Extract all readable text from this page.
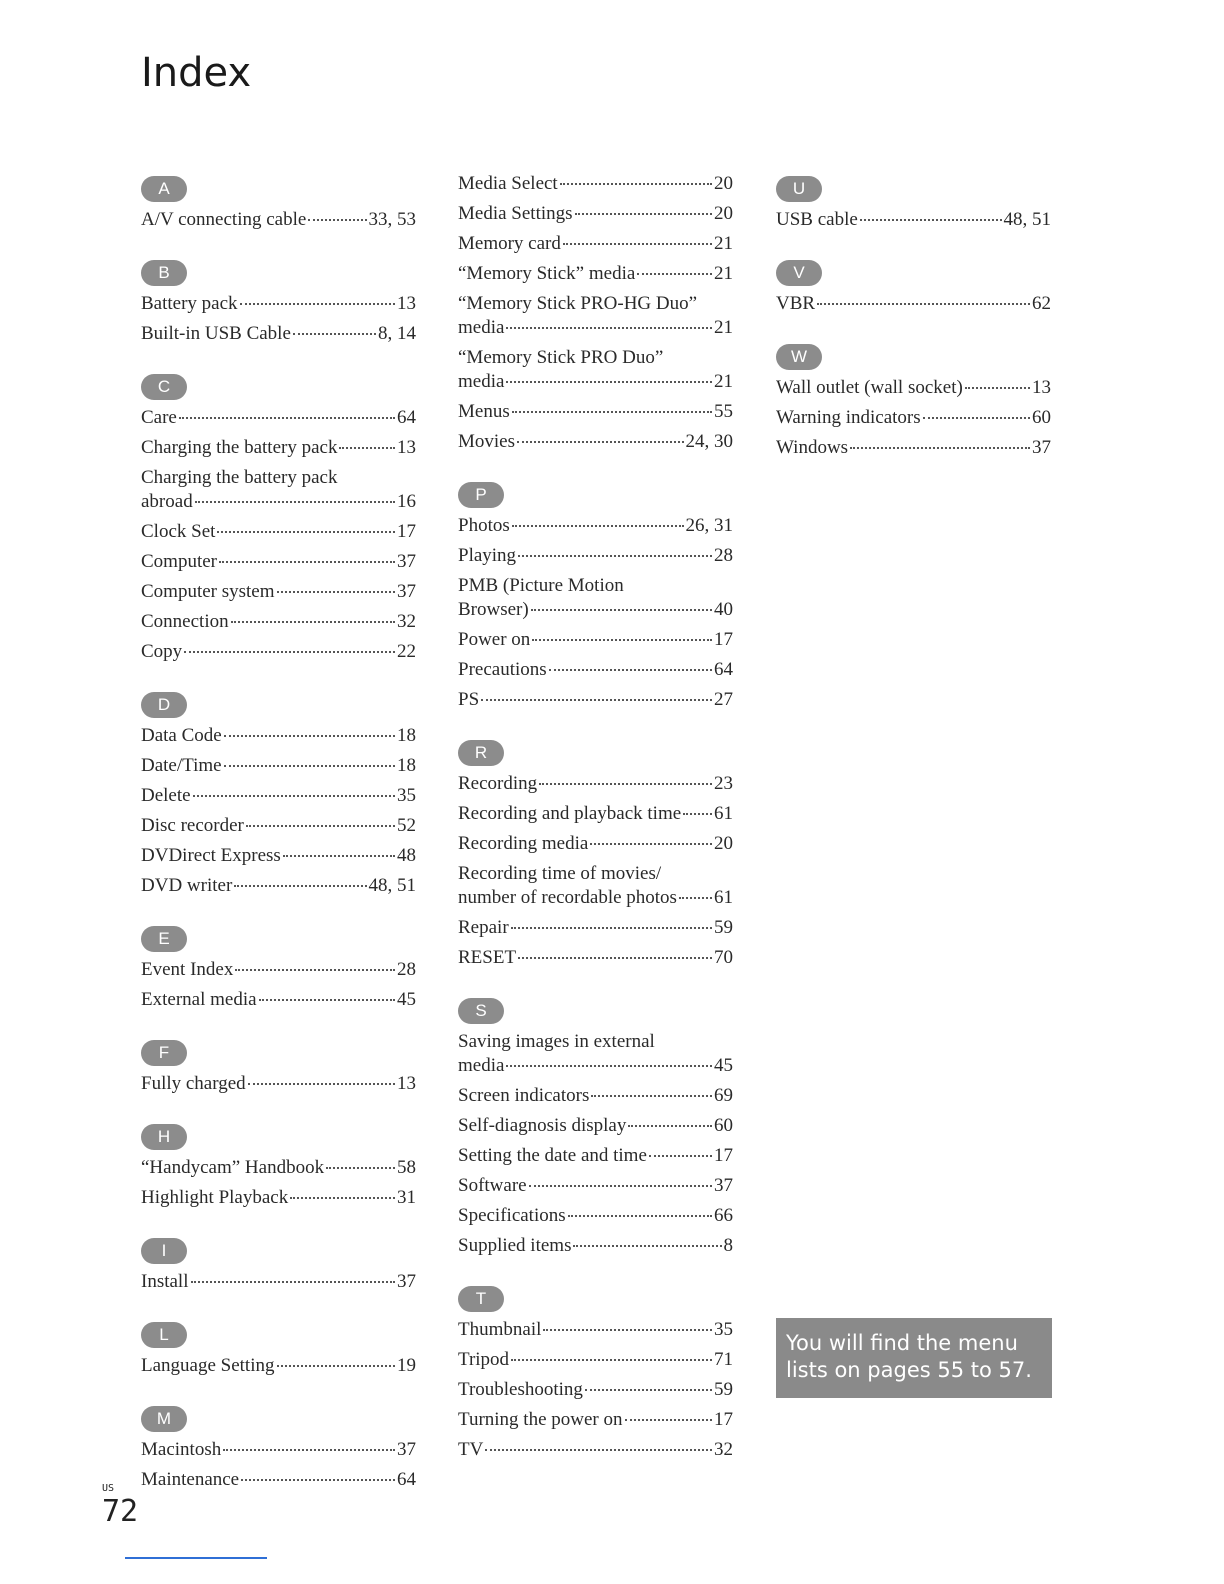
Index
A
A/V connecting cable	33, 53
B
Battery pack	13
Built-in USB Cable	8, 14
C
Care	64
Charging the battery pack	13
Charging the battery pack
abroad	16
Clock Set	17
Computer	37
Computer system	37
Connection	32
Copy	22
D
Data Code	18
Date/Time	18
Delete	35
Disc recorder	52
DVDirect Express	48
DVD writer	48, 51
E
Event Index	28
External media	45
F
Fully charged	13
H
“Handycam” Handbook	58
Highlight Playback	31
I
Install	37
L
Language Setting	19
M
Macintosh	37
Maintenance	64
Media Select	20
Media Settings	20
Memory card	21
“Memory Stick” media	21
“Memory Stick PRO-HG Duo”
media	21
“Memory Stick PRO Duo”
media	21
Menus	55
Movies	24, 30
P
Photos	26, 31
Playing	28
PMB (Picture Motion
Browser)	40
Power on	17
Precautions	64
PS	27
R
Recording	23
Recording and playback time 61
Recording media	20
Recording time of movies/
number of recordable photos 61
Repair	59
RESET	70
S
Saving images in external
media	45
Screen indicators	69
Self-diagnosis display	60
Setting the date and time	17
Software	37
Specifications	66
Supplied items	8
T
Thumbnail	35
Tripod	71
Troubleshooting	59
Turning the power on	17
TV	32
U
USB cable	48, 51
V
VBR	62
W
Wall outlet (wall socket)	13
Warning indicators	60
Windows	37
You will find the menu lists on pages 55 to 57.
US
72
